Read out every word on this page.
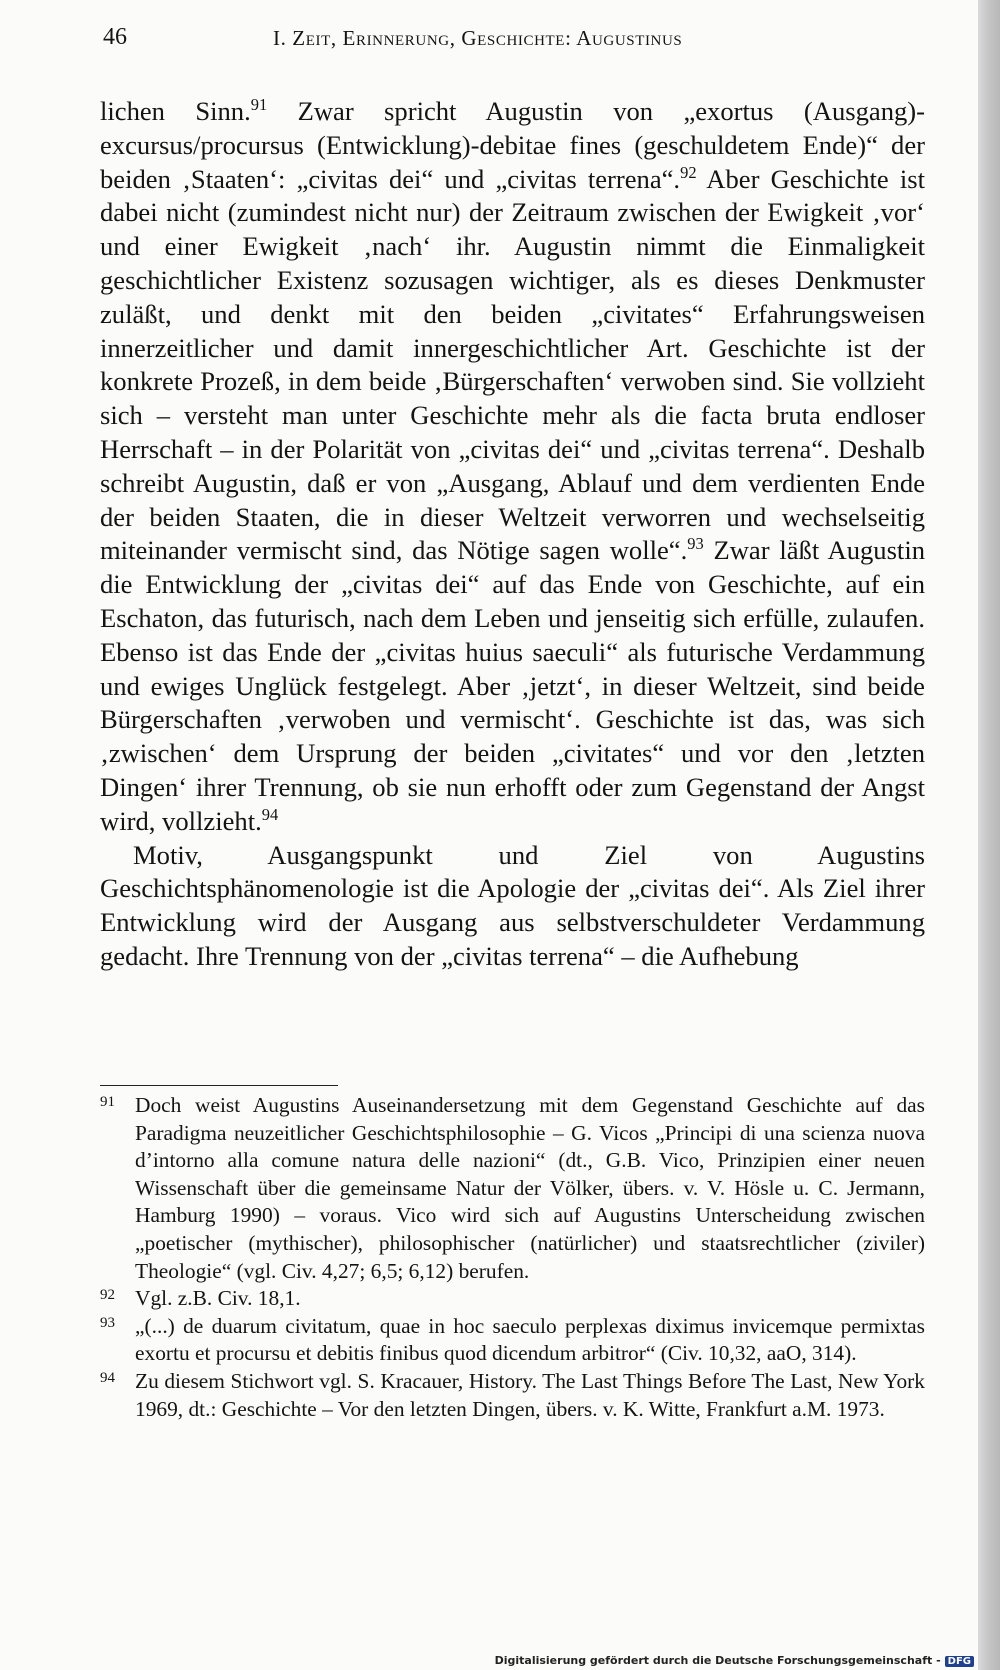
46	I. Zeit, Erinnerung, Geschichte: Augustinus

lichen Sinn.$^{91}$ Zwar spricht Augustin von „exortus (Ausgang)-excursus/procursus (Entwicklung)-debitae fines (geschuldetem Ende)“ der beiden ‚Staaten‘: „civitas dei“ und „civitas terrena“.$^{92}$ Aber Geschichte ist dabei nicht (zumindest nicht nur) der Zeitraum zwischen der Ewigkeit ‚vor‘ und einer Ewigkeit ‚nach‘ ihr. Augustin nimmt die Einmaligkeit geschichtlicher Existenz sozusagen wichtiger, als es dieses Denkmuster zuläßt, und denkt mit den beiden „civitates“ Erfahrungsweisen innerzeitlicher und damit innergeschichtlicher Art. Geschichte ist der konkrete Prozeß, in dem beide ‚Bürgerschaften‘ verwoben sind. Sie vollzieht sich – versteht man unter Geschichte mehr als die facta bruta endloser Herrschaft – in der Polarität von „civitas dei“ und „civitas terrena“. Deshalb schreibt Augustin, daß er von „Ausgang, Ablauf und dem verdienten Ende der beiden Staaten, die in dieser Weltzeit verworren und wechselseitig miteinander vermischt sind, das Nötige sagen wolle“.$^{93}$ Zwar läßt Augustin die Entwicklung der „civitas dei“ auf das Ende von Geschichte, auf ein Eschaton, das futurisch, nach dem Leben und jenseitig sich erfülle, zulaufen. Ebenso ist das Ende der „civitas huius saeculi“ als futurische Verdammung und ewiges Unglück festgelegt. Aber ‚jetzt‘, in dieser Weltzeit, sind beide Bürgerschaften ‚verwoben und vermischt‘. Geschichte ist das, was sich ‚zwischen‘ dem Ursprung der beiden „civitates“ und vor den ‚letzten Dingen‘ ihrer Trennung, ob sie nun erhofft oder zum Gegenstand der Angst wird, vollzieht.$^{94}$

Motiv, Ausgangspunkt und Ziel von Augustins Geschichtsphänomenologie ist die Apologie der „civitas dei“. Als Ziel ihrer Entwicklung wird der Ausgang aus selbstverschuldeter Verdammung gedacht. Ihre Trennung von der „civitas terrena“ – die Aufhebung

91 Doch weist Augustins Auseinandersetzung mit dem Gegenstand Geschichte auf das Paradigma neuzeitlicher Geschichtsphilosophie – G. Vicos „Principi di una scienza nuova d’intorno alla comune natura delle nazioni“ (dt., G.B. Vico, Prinzipien einer neuen Wissenschaft über die gemeinsame Natur der Völker, übers. v. V. Hösle u. C. Jermann, Hamburg 1990) – voraus. Vico wird sich auf Augustins Unterscheidung zwischen „poetischer (mythischer), philosophischer (natürlicher) und staatsrechtlicher (ziviler) Theologie“ (vgl. Civ. 4,27; 6,5; 6,12) berufen.

92 Vgl. z.B. Civ. 18,1.

93 „(...) de duarum civitatum, quae in hoc saeculo perplexas diximus invicemque permixtas exortu et procursu et debitis finibus quod dicendum arbitror“ (Civ. 10,32, aaO, 314).

94 Zu diesem Stichwort vgl. S. Kracauer, History. The Last Things Before The Last, New York 1969, dt.: Geschichte – Vor den letzten Dingen, übers. v. K. Witte, Frankfurt a.M. 1973.

Digitalisierung gefördert durch die Deutsche Forschungsgemeinschaft - DFG
